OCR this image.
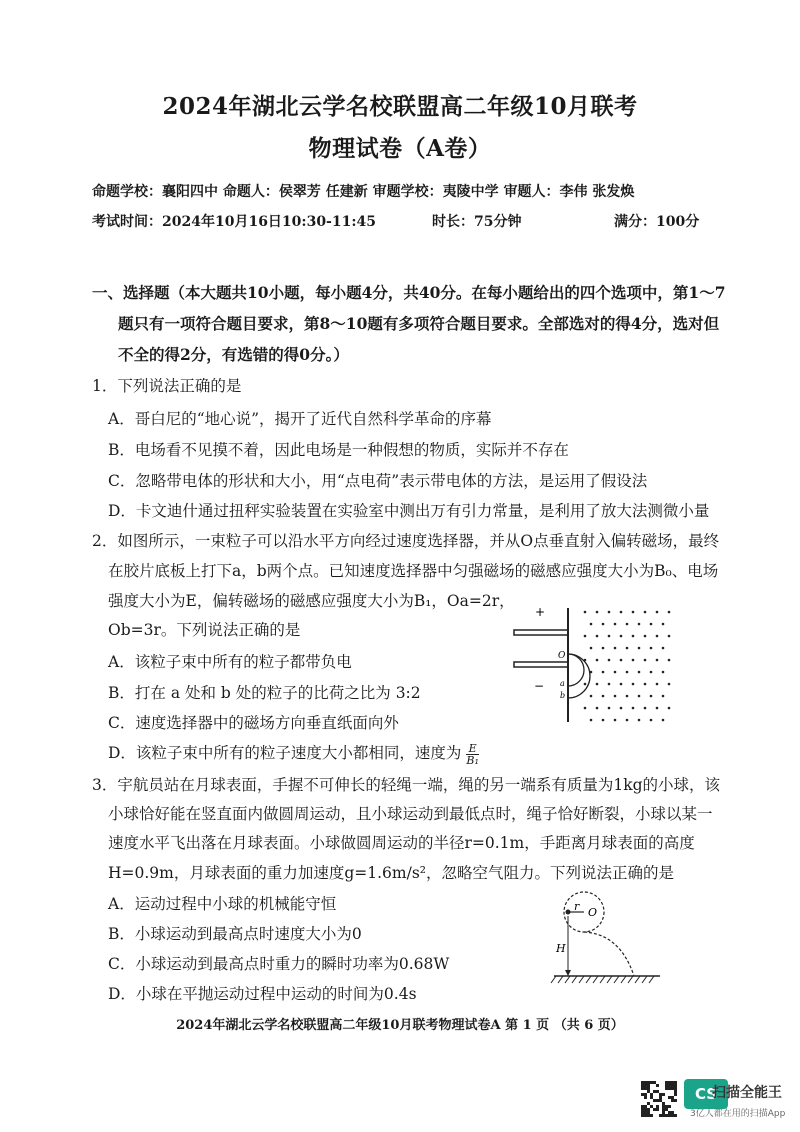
2024年湖北云学名校联盟高二年级10月联考
物理试卷（A卷）
命题学校：襄阳四中 命题人：侯翠芳 任建新 审题学校：夷陵中学 审题人：李伟 张发焕
考试时间：2024年10月16日10:30-11:45	时长：75分钟	满分：100分
一、选择题（本大题共10小题，每小题4分，共40分。在每小题给出的四个选项中，第1～7
题只有一项符合题目要求，第8～10题有多项符合题目要求。全部选对的得4分，选对但
不全的得2分，有选错的得0分。）
1．下列说法正确的是
A．哥白尼的“地心说”，揭开了近代自然科学革命的序幕
B．电场看不见摸不着，因此电场是一种假想的物质，实际并不存在
C．忽略带电体的形状和大小，用“点电荷”表示带电体的方法，是运用了假设法
D．卡文迪什通过扭秤实验装置在实验室中测出万有引力常量，是利用了放大法测微小量
2．如图所示，一束粒子可以沿水平方向经过速度选择器，并从O点垂直射入偏转磁场，最终
在胶片底板上打下a，b两个点。已知速度选择器中匀强磁场的磁感应强度大小为B₀、电场
强度大小为E，偏转磁场的磁感应强度大小为B₁，Oa=2r，
Ob=3r。下列说法正确的是
A．该粒子束中所有的粒子都带负电
B．打在 a 处和 b 处的粒子的比荷之比为 3:2
C．速度选择器中的磁场方向垂直纸面向外
D．该粒子束中所有的粒子速度大小都相同，速度为 $\frac{E}{\text{B₁}}$
+
−
O
a
b
3．宇航员站在月球表面，手握不可伸长的轻绳一端，绳的另一端系有质量为1kg的小球，该
小球恰好能在竖直面内做圆周运动，且小球运动到最低点时，绳子恰好断裂，小球以某一
速度水平飞出落在月球表面。小球做圆周运动的半径r=0.1m，手距离月球表面的高度
H=0.9m，月球表面的重力加速度g=1.6m/s²，忽略空气阻力。下列说法正确的是
A．运动过程中小球的机械能守恒
B．小球运动到最高点时速度大小为0
C．小球运动到最高点时重力的瞬时功率为0.68W
D．小球在平抛运动过程中运动的时间为0.4s
r O
H
2024年湖北云学名校联盟高二年级10月联考物理试卷A 第 1 页 （共 6 页）
CS
扫描全能王
3亿人都在用的扫描App
